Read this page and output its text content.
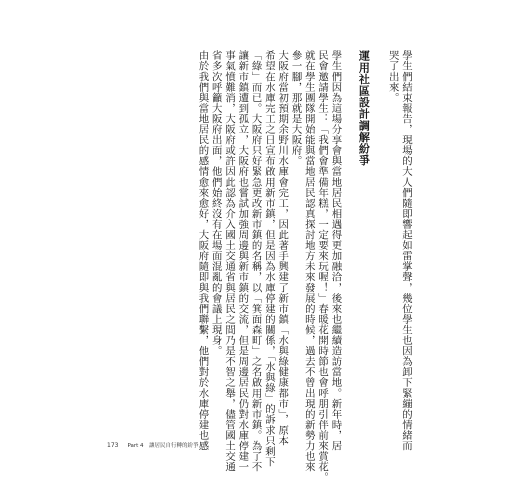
學生們結束報告，現場的大人們隨即響起如雷掌聲，幾位學生也因為卸下緊繃的情緒而

哭了出來。

運用社區設計調解紛爭

學生們因為這場分享會與當地居民相遇得更加融洽，後來也繼續造訪當地。新年時，居

民會邀請學生：「我們會準備年糕，一定要來玩喔！」春暖花開時節也會呼朋引伴前來賞花。

就在學生團隊開始能與當地居民認真探討地方未來發展的時候，過去不曾出現的新勢力也來

參一腳，那就是大阪府。

大阪府當初預期余野川水庫會完工，因此著手興建了新市鎮「水與綠健康都市」，原本

希望在水庫完工之日宣布啟用新市鎮，但是因為水庫停建的關係，「水與綠」的訴求只剩下

「綠」而已。大阪府只好緊急更改新市鎮的名稱，以「箕面森町」之名啟用新市鎮。為了不

讓新市鎮遭到孤立，大阪府也嘗試加強周邊與新市鎮的交流，但是周邊居民仍對水庫停建一

事氣憤難消，大阪府或許因此認為介入國土交通省與居民之間乃是不智之舉，儘管國土交通

省多次呼籲大阪府出面，他們始終沒有在場面混亂的會議上現身。

由於我們與當地居民的感情愈來愈好，大阪府隨即與我們聯繫，他們對於水庫停建也感

173 Part 4　讓居民自行轉的紛爭
